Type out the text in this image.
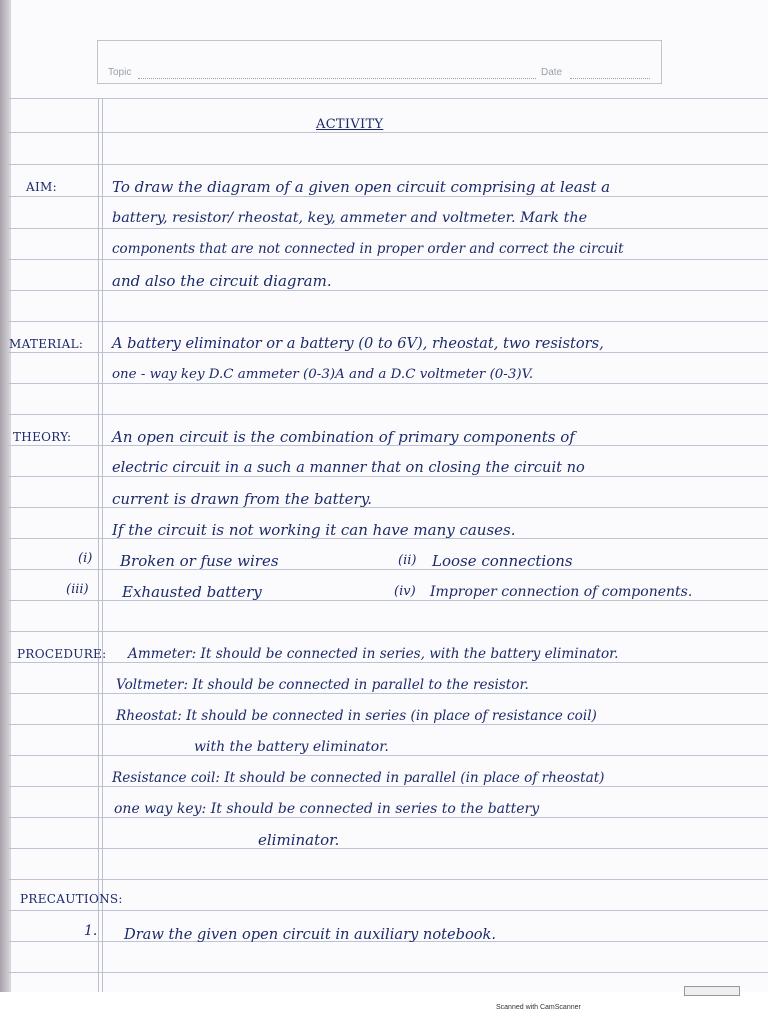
Topic	Date
ACTIVITY
AIM:	To draw the diagram of a given open circuit comprising at least a
battery, resistor/ rheostat, key, ammeter and voltmeter. Mark the
components that are not connected in proper order and correct the circuit
and also the circuit diagram.
MATERIAL: A battery eliminator or a battery (0 to 6V), rheostat, two resistors,
one - way key D.C ammeter (0-3)A and a D.C voltmeter (0-3)V.
THEORY:	An open circuit is the combination of primary components of
electric circuit in a such a manner that on closing the circuit no
current is drawn from the battery.
If the circuit is not working it can have many causes.
(i) Broken or fuse wires	(ii) Loose connections
(iii) Exhausted battery	(iv) Improper connection of components.
PROCEDURE: Ammeter: It should be connected in series, with the battery eliminator.
Voltmeter: It should be connected in parallel to the resistor.
Rheostat: It should be connected in series (in place of resistance coil)
with the battery eliminator.
Resistance coil: It should be connected in parallel (in place of rheostat)
one way key: It should be connected in series to the battery
eliminator.
PRECAUTIONS:
1. Draw the given open circuit in auxiliary notebook.
Scanned with CamScanner
